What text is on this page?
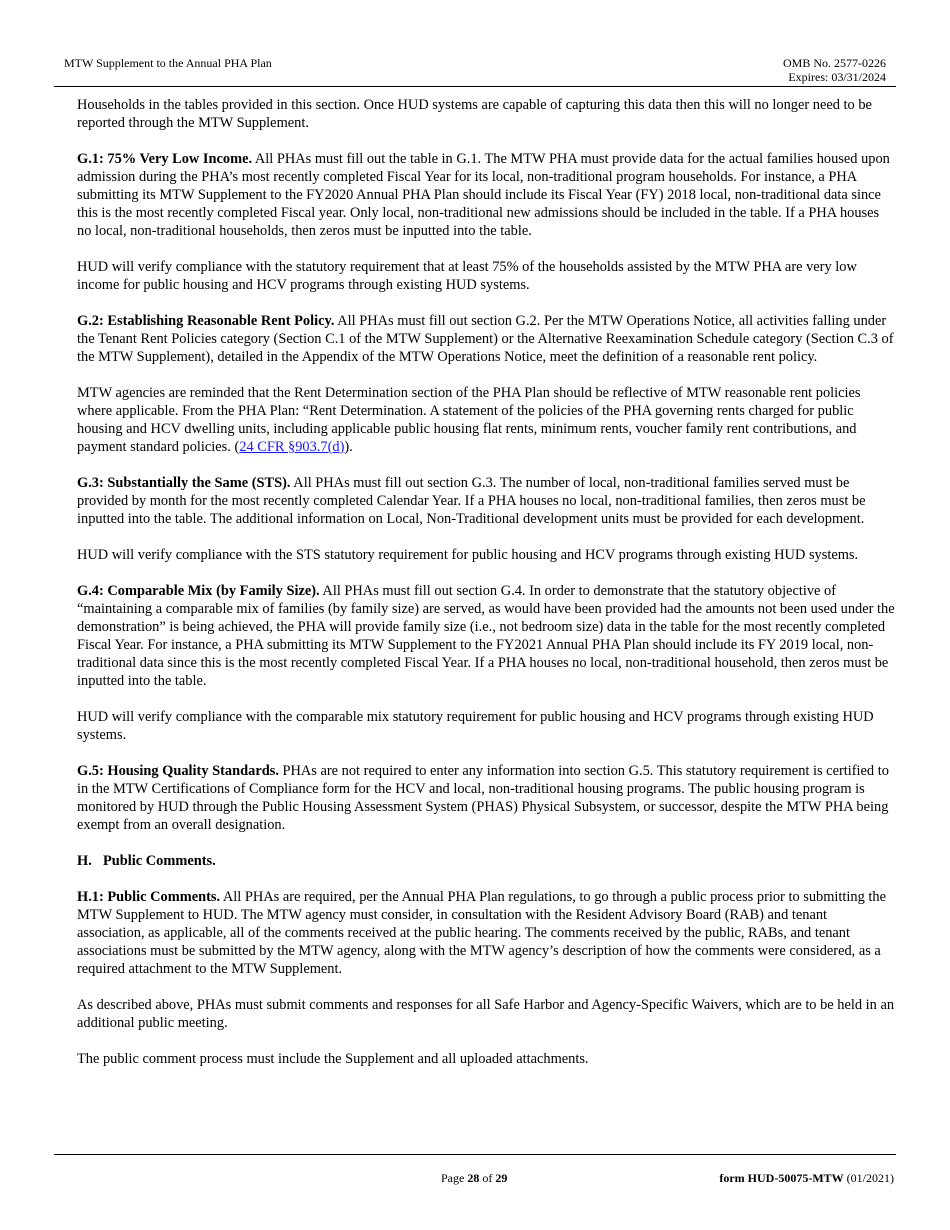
MTW Supplement to the Annual PHA Plan	OMB No. 2577-0226
Expires: 03/31/2024

Households in the tables provided in this section. Once HUD systems are capable of capturing this data then this will no longer need to be reported through the MTW Supplement.

G.1: 75% Very Low Income. All PHAs must fill out the table in G.1. The MTW PHA must provide data for the actual families housed upon admission during the PHA’s most recently completed Fiscal Year for its local, non-traditional program households. For instance, a PHA submitting its MTW Supplement to the FY2020 Annual PHA Plan should include its Fiscal Year (FY) 2018 local, non-traditional data since this is the most recently completed Fiscal year. Only local, non-traditional new admissions should be included in the table. If a PHA houses no local, non-traditional households, then zeros must be inputted into the table.

HUD will verify compliance with the statutory requirement that at least 75% of the households assisted by the MTW PHA are very low income for public housing and HCV programs through existing HUD systems.

G.2: Establishing Reasonable Rent Policy. All PHAs must fill out section G.2. Per the MTW Operations Notice, all activities falling under the Tenant Rent Policies category (Section C.1 of the MTW Supplement) or the Alternative Reexamination Schedule category (Section C.3 of the MTW Supplement), detailed in the Appendix of the MTW Operations Notice, meet the definition of a reasonable rent policy.

MTW agencies are reminded that the Rent Determination section of the PHA Plan should be reflective of MTW reasonable rent policies where applicable. From the PHA Plan: “Rent Determination. A statement of the policies of the PHA governing rents charged for public housing and HCV dwelling units, including applicable public housing flat rents, minimum rents, voucher family rent contributions, and payment standard policies. (24 CFR §903.7(d)).

G.3: Substantially the Same (STS). All PHAs must fill out section G.3. The number of local, non-traditional families served must be provided by month for the most recently completed Calendar Year. If a PHA houses no local, non-traditional families, then zeros must be inputted into the table. The additional information on Local, Non-Traditional development units must be provided for each development.

HUD will verify compliance with the STS statutory requirement for public housing and HCV programs through existing HUD systems.

G.4: Comparable Mix (by Family Size). All PHAs must fill out section G.4. In order to demonstrate that the statutory objective of “maintaining a comparable mix of families (by family size) are served, as would have been provided had the amounts not been used under the demonstration” is being achieved, the PHA will provide family size (i.e., not bedroom size) data in the table for the most recently completed Fiscal Year. For instance, a PHA submitting its MTW Supplement to the FY2021 Annual PHA Plan should include its FY 2019 local, non-traditional data since this is the most recently completed Fiscal Year. If a PHA houses no local, non-traditional household, then zeros must be inputted into the table.

HUD will verify compliance with the comparable mix statutory requirement for public housing and HCV programs through existing HUD systems.

G.5: Housing Quality Standards. PHAs are not required to enter any information into section G.5. This statutory requirement is certified to in the MTW Certifications of Compliance form for the HCV and local, non-traditional housing programs. The public housing program is monitored by HUD through the Public Housing Assessment System (PHAS) Physical Subsystem, or successor, despite the MTW PHA being exempt from an overall designation.

H. Public Comments.

H.1: Public Comments. All PHAs are required, per the Annual PHA Plan regulations, to go through a public process prior to submitting the MTW Supplement to HUD. The MTW agency must consider, in consultation with the Resident Advisory Board (RAB) and tenant association, as applicable, all of the comments received at the public hearing. The comments received by the public, RABs, and tenant associations must be submitted by the MTW agency, along with the MTW agency’s description of how the comments were considered, as a required attachment to the MTW Supplement.

As described above, PHAs must submit comments and responses for all Safe Harbor and Agency-Specific Waivers, which are to be held in an additional public meeting.

The public comment process must include the Supplement and all uploaded attachments.

Page 28 of 29	form HUD-50075-MTW (01/2021)
